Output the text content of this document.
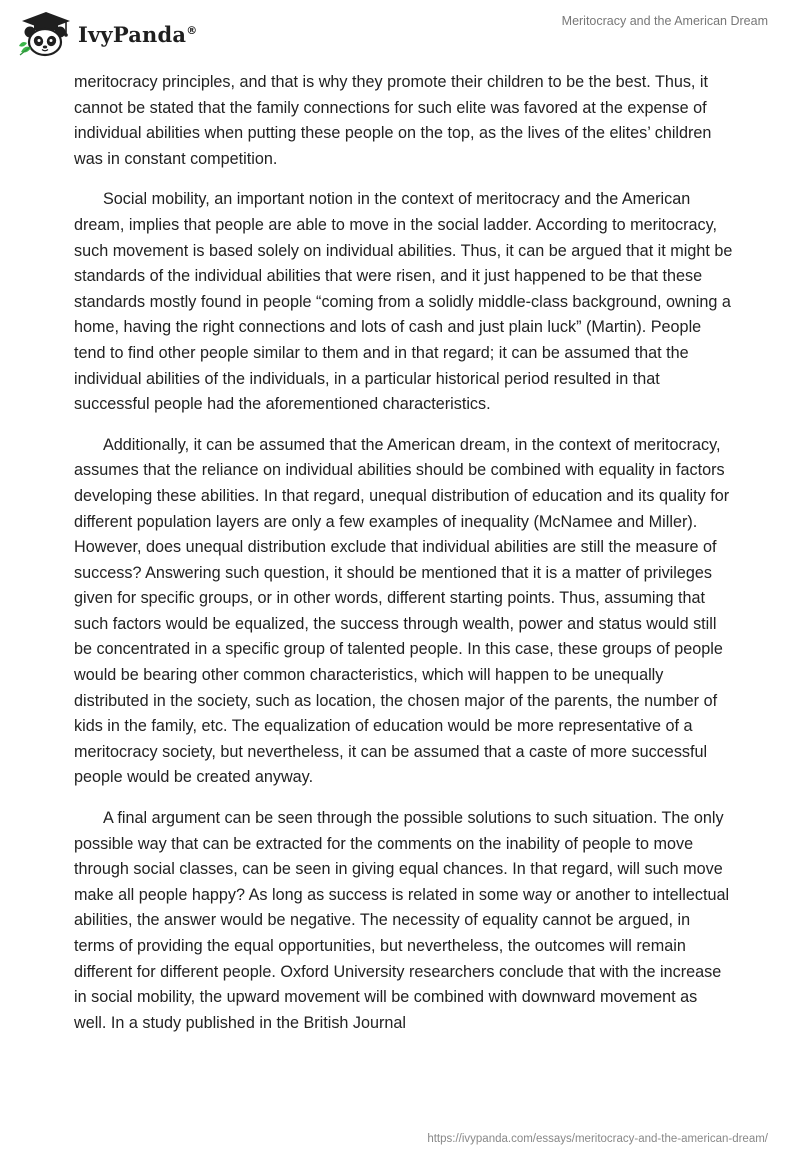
IvyPanda®
Meritocracy and the American Dream

meritocracy principles, and that is why they promote their children to be the best. Thus, it cannot be stated that the family connections for such elite was favored at the expense of individual abilities when putting these people on the top, as the lives of the elites’ children was in constant competition.

Social mobility, an important notion in the context of meritocracy and the American dream, implies that people are able to move in the social ladder. According to meritocracy, such movement is based solely on individual abilities. Thus, it can be argued that it might be standards of the individual abilities that were risen, and it just happened to be that these standards mostly found in people “coming from a solidly middle-class background, owning a home, having the right connections and lots of cash and just plain luck” (Martin). People tend to find other people similar to them and in that regard; it can be assumed that the individual abilities of the individuals, in a particular historical period resulted in that successful people had the aforementioned characteristics.

Additionally, it can be assumed that the American dream, in the context of meritocracy, assumes that the reliance on individual abilities should be combined with equality in factors developing these abilities. In that regard, unequal distribution of education and its quality for different population layers are only a few examples of inequality (McNamee and Miller). However, does unequal distribution exclude that individual abilities are still the measure of success? Answering such question, it should be mentioned that it is a matter of privileges given for specific groups, or in other words, different starting points. Thus, assuming that such factors would be equalized, the success through wealth, power and status would still be concentrated in a specific group of talented people. In this case, these groups of people would be bearing other common characteristics, which will happen to be unequally distributed in the society, such as location, the chosen major of the parents, the number of kids in the family, etc. The equalization of education would be more representative of a meritocracy society, but nevertheless, it can be assumed that a caste of more successful people would be created anyway.

A final argument can be seen through the possible solutions to such situation. The only possible way that can be extracted for the comments on the inability of people to move through social classes, can be seen in giving equal chances. In that regard, will such move make all people happy? As long as success is related in some way or another to intellectual abilities, the answer would be negative. The necessity of equality cannot be argued, in terms of providing the equal opportunities, but nevertheless, the outcomes will remain different for different people. Oxford University researchers conclude that with the increase in social mobility, the upward movement will be combined with downward movement as well. In a study published in the British Journal

https://ivypanda.com/essays/meritocracy-and-the-american-dream/
